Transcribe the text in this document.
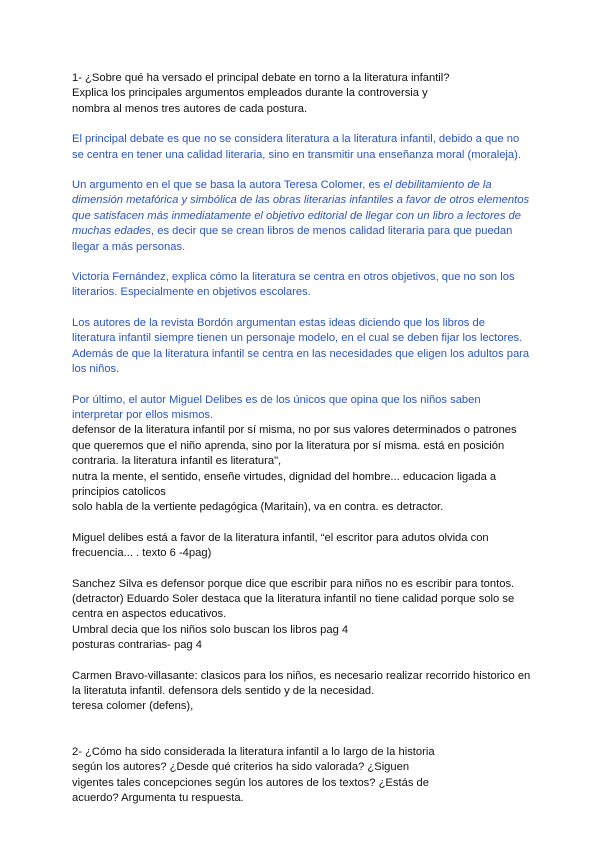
1- ¿Sobre qué ha versado el principal debate en torno a la literatura infantil?
Explica los principales argumentos empleados durante la controversia y
nombra al menos tres autores de cada postura.
El principal debate es que no se considera literatura a la literatura infantil, debido a que no
se centra en tener una calidad literaria, sino en transmitir una enseñanza moral (moraleja).
Un argumento en el que se basa la autora Teresa Colomer, es el debilitamiento de la
dimensión metafórica y simbólica de las obras literarias infantiles a favor de otros elementos
que satisfacen más inmediatamente el objetivo editorial de llegar con un libro a lectores de
muchas edades, es decir que se crean libros de menos calidad literaria para que puedan
llegar a más personas.
Victoria Fernández, explica cómo la literatura se centra en otros objetivos, que no son los
literarios. Especialmente en objetivos escolares.
Los autores de la revista Bordón argumentan estas ideas diciendo que los libros de
literatura infantil siempre tienen un personaje modelo, en el cual se deben fijar los lectores.
Además de que la literatura infantil se centra en las necesidades que eligen los adultos para
los niños.
Por último, el autor Miguel Delibes es de los únicos que opina que los niños saben
interpretar por ellos mismos.
defensor de la literatura infantil por sí misma, no por sus valores determinados o patrones
que queremos que el niño aprenda, sino por la literatura por sí misma. está en posición
contraria. la literatura infantil es literatura",
nutra la mente, el sentido, enseñe virtudes, dignidad del hombre... educacion ligada a
principios catolicos
solo habla de la vertiente pedagógica (Maritain), va en contra. es detractor.
Miguel delibes está a favor de la literatura infantil, “el escritor para adutos olvida con
frecuencia... . texto 6 -4pag)
Sanchez Silva es defensor porque dice que escribir para niños no es escribir para tontos.
(detractor) Eduardo Soler destaca que la literatura infantil no tiene calidad porque solo se
centra en aspectos educativos.
Umbral decia que los niños solo buscan los libros pag 4
posturas contrarias- pag 4
Carmen Bravo-villasante: clasicos para los niños, es necesario realizar recorrido historico en
la literatuta infantil. defensora dels sentido y de la necesidad.
teresa colomer (defens),
2- ¿Cómo ha sido considerada la literatura infantil a lo largo de la historia
según los autores? ¿Desde qué criterios ha sido valorada? ¿Siguen
vigentes tales concepciones según los autores de los textos? ¿Estás de
acuerdo? Argumenta tu respuesta.
